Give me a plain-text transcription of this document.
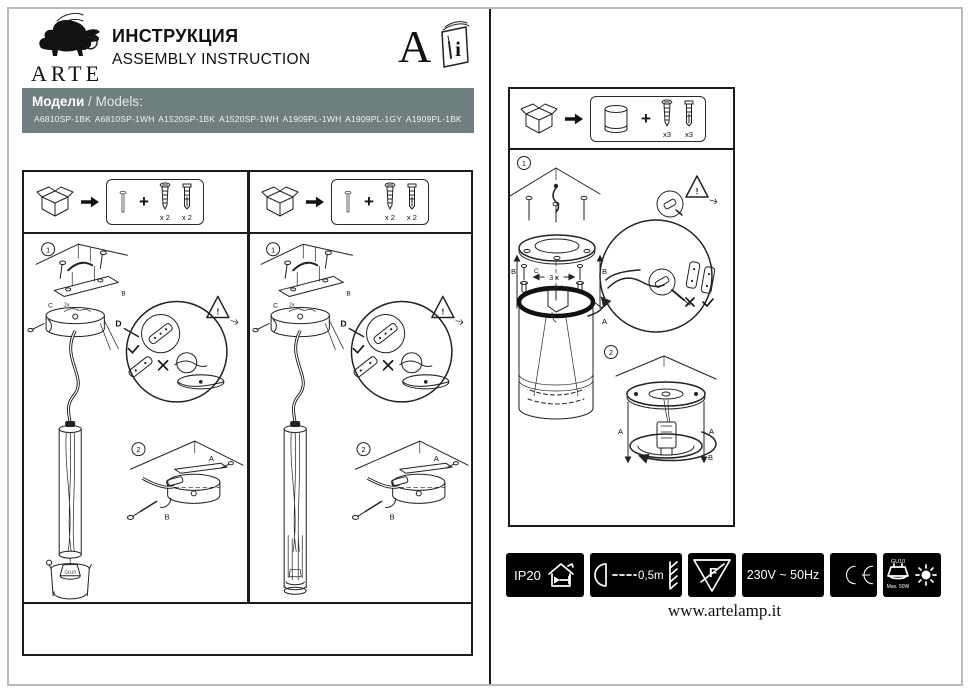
ARTE
ИНСТРУКЦИЯ
ASSEMBLY INSTRUCTION A i
Модели / Models:
A6810SP-1BK A6810SP-1WH A1520SP-1BK A1520SP-1WH A1909PL-1WH A1909PL-1GY A1909PL-1BK
+
x 2 x 2
+
x 2 x 2
+
x3 x3
1
B	B
C
3 x
A
!
2
A	A
B
IP20	0,5m	F 230V ~ 50Hz
GU10
Max. 50W
www.artelamp.it
